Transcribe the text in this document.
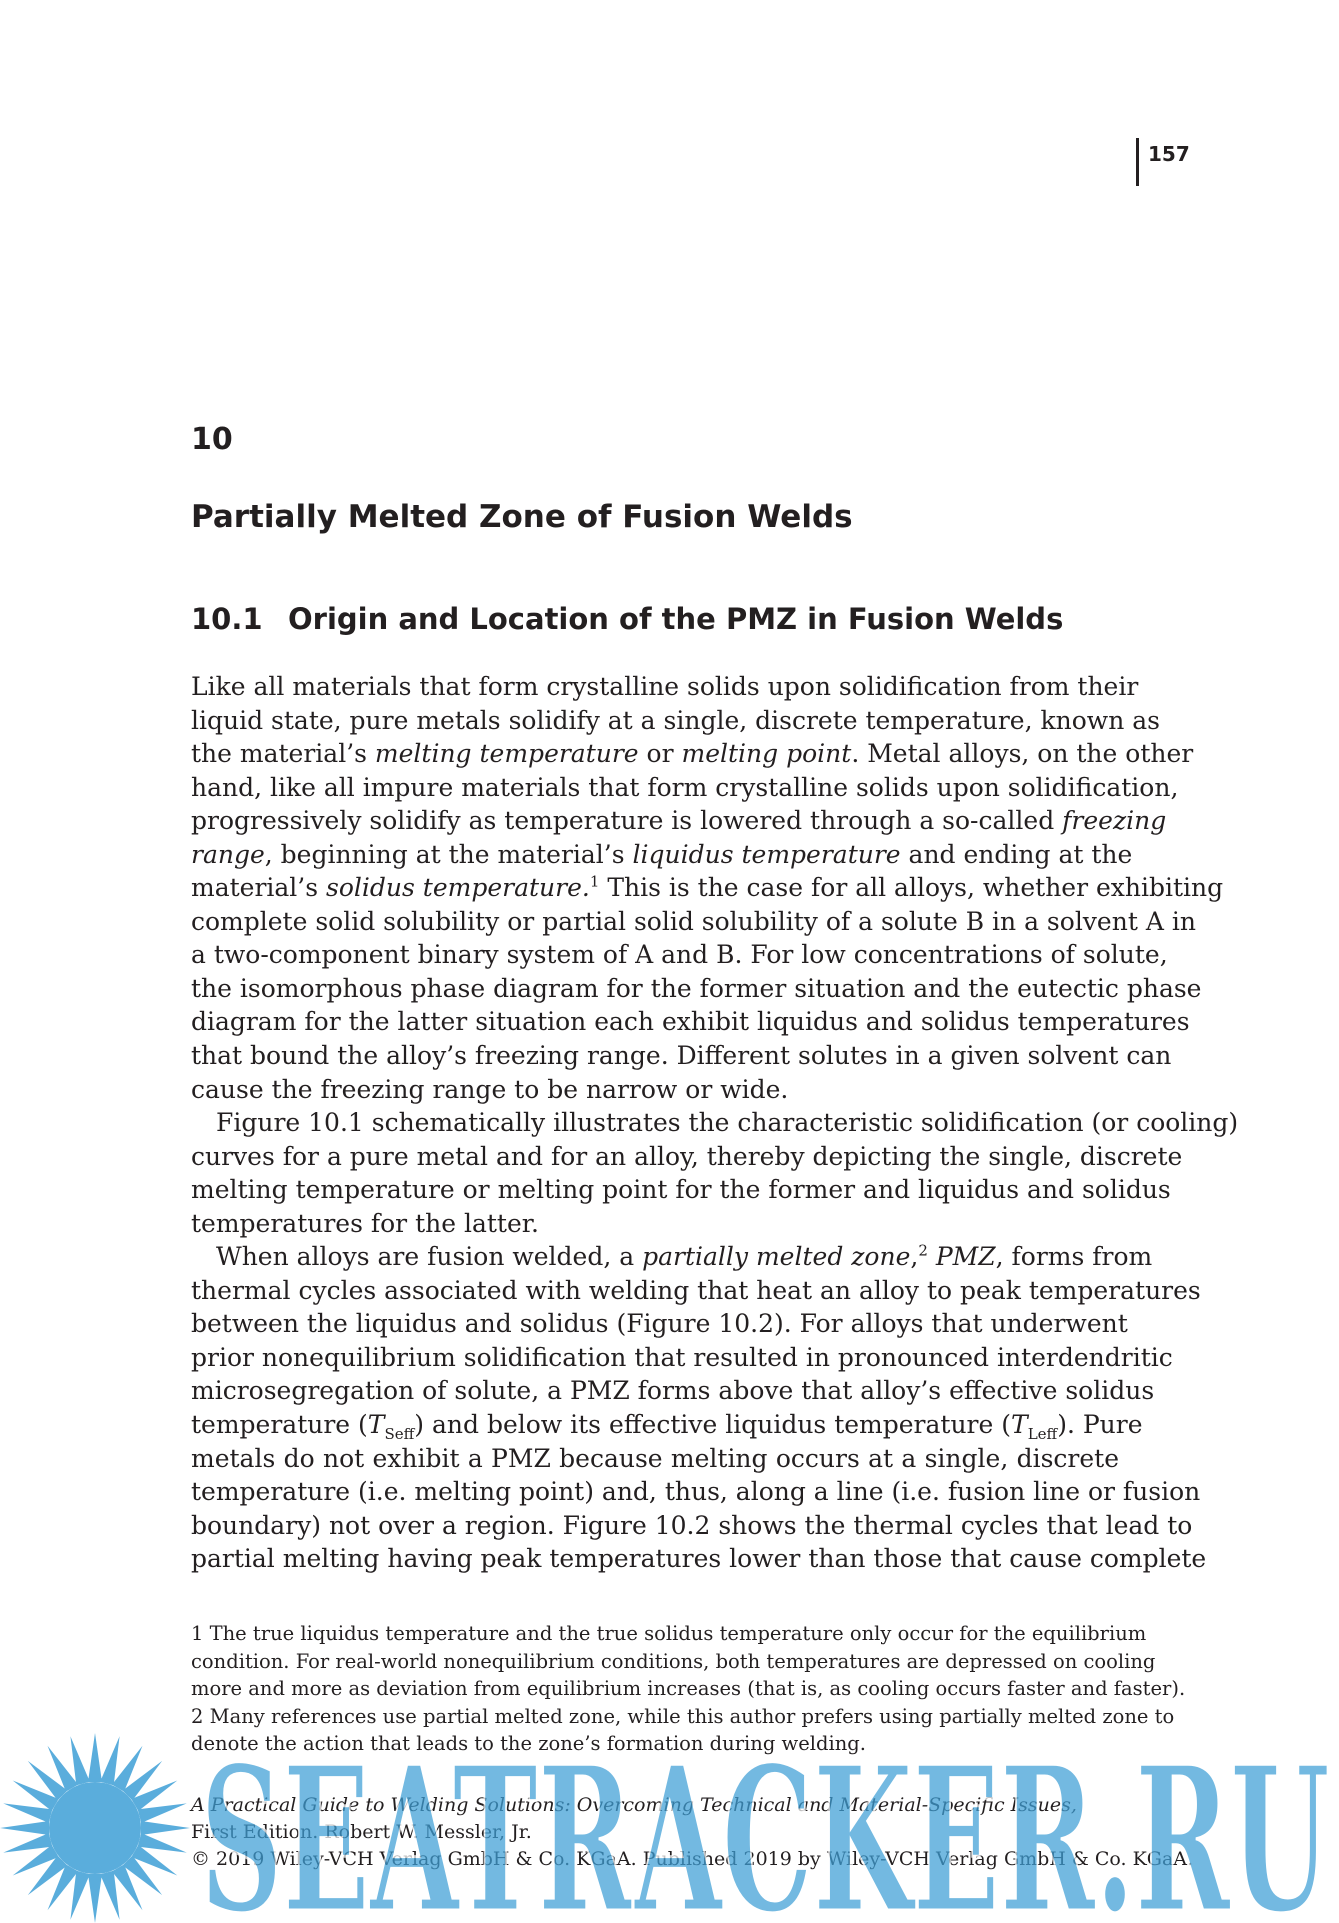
157
10
Partially Melted Zone of Fusion Welds
10.1 Origin and Location of the PMZ in Fusion Welds
Like all materials that form crystalline solids upon solidification from their
liquid state, pure metals solidify at a single, discrete temperature, known as
the material’s melting temperature or melting point. Metal alloys, on the other
hand, like all impure materials that form crystalline solids upon solidification,
progressively solidify as temperature is lowered through a so-called freezing
range, beginning at the material’s liquidus temperature and ending at the
material’s solidus temperature.$^1$ This is the case for all alloys, whether exhibiting
complete solid solubility or partial solid solubility of a solute B in a solvent A in
a two-component binary system of A and B. For low concentrations of solute,
the isomorphous phase diagram for the former situation and the eutectic phase
diagram for the latter situation each exhibit liquidus and solidus temperatures
that bound the alloy’s freezing range. Different solutes in a given solvent can
cause the freezing range to be narrow or wide.
Figure 10.1 schematically illustrates the characteristic solidification (or cooling)
curves for a pure metal and for an alloy, thereby depicting the single, discrete
melting temperature or melting point for the former and liquidus and solidus
temperatures for the latter.
When alloys are fusion welded, a partially melted zone,$^2$ PMZ, forms from
thermal cycles associated with welding that heat an alloy to peak temperatures
between the liquidus and solidus (Figure 10.2). For alloys that underwent
prior nonequilibrium solidification that resulted in pronounced interdendritic
microsegregation of solute, a PMZ forms above that alloy’s effective solidus
temperature $(T_{Seff})$ and below its effective liquidus temperature $(T_{Leff})$. Pure
metals do not exhibit a PMZ because melting occurs at a single, discrete
temperature (i.e. melting point) and, thus, along a line (i.e. fusion line or fusion
boundary) not over a region. Figure 10.2 shows the thermal cycles that lead to
partial melting having peak temperatures lower than those that cause complete
1 The true liquidus temperature and the true solidus temperature only occur for the equilibrium
condition. For real-world nonequilibrium conditions, both temperatures are depressed on cooling
more and more as deviation from equilibrium increases (that is, as cooling occurs faster and faster).
2 Many references use partial melted zone, while this author prefers using partially melted zone to
denote the action that leads to the zone’s formation during welding.
A Practical Guide to Welding Solutions: Overcoming Technical and Material-Specific Issues,
First Edition. Robert W. Messler, Jr.
© 2019 Wiley-VCH Verlag GmbH & Co. KGaA. Published 2019 by Wiley-VCH Verlag GmbH & Co. KGaA.
SEATRACKER.RU
